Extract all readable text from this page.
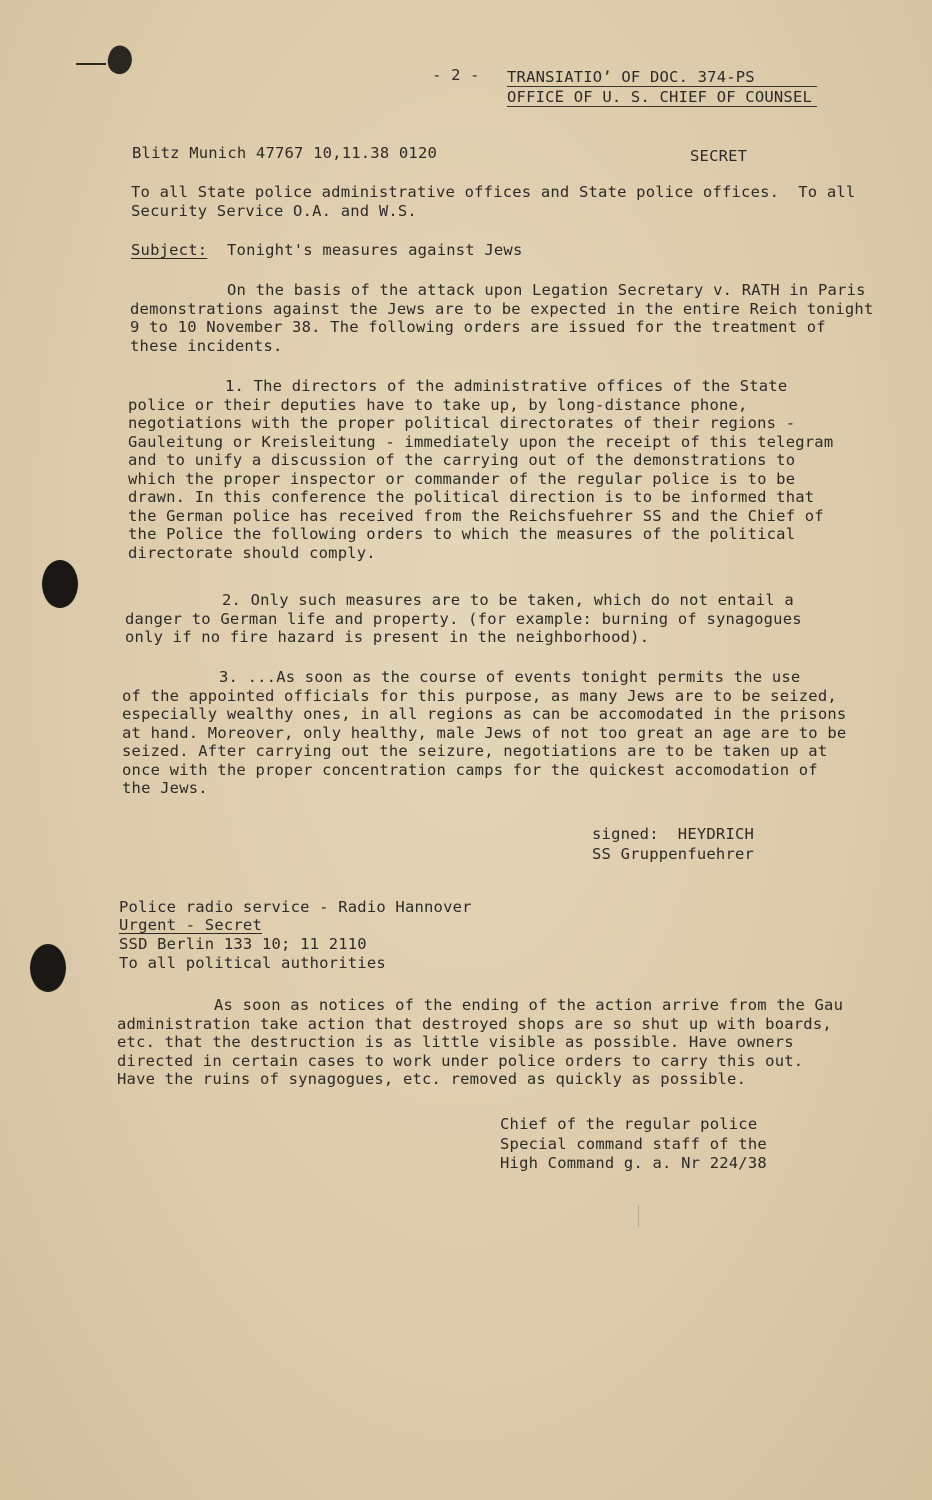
- 2 - TRANSIATIO’ OF DOC. 374-PS
OFFICΕ OF U. S. CHIEF OF COUNSEL
Blitz Munich 47767 10,11.38 0120	SECRET
To all State police administrative offices and State police offices.  To all
Security Service O.A. and W.S.
Subject: Tonight's measures against Jews
On the basis of the attack upon Legation Secretary v. RATH in Paris
demonstrations against the Jews are to be expected in the entire Reich tonight
9 to 10 November 38. The following orders are issued for the treatment of
these incidents.
1. The directors of the administrative offices of the State
police or their deputies have to take up, by long-distance phone,
negotiations with the proper political directorates of their regions -
Gauleitung or Kreisleitung - immediately upon the receipt of this telegram
and to unify a discussion of the carrying out of the demonstrations to
which the proper inspector or commander of the regular police is to be
drawn. In this conference the political direction is to be informed that
the German police has received from the Reichsfuehrer SS and the Chief of
the Police the following orders to which the measures of the political
directorate should comply.
2. Only such measures are to be taken, which do not entail a
danger to German life and property. (for example: burning of synagogues
only if no fire hazard is present in the neighborhood).
3. ...As soon as the course of events tonight permits the use
of the appointed officials for this purpose, as many Jews are to be seized,
especially wealthy ones, in all regions as can be accomodated in the prisons
at hand. Moreover, only healthy, male Jews of not too great an age are to be
seized. After carrying out the seizure, negotiations are to be taken up at
once with the proper concentration camps for the quickest accomodation of
the Jews.
signed:  HEYDRICH
SS Gruppenfuehrer
Police radio service - Radio Hannover
Urgent - Secret
SSD Berlin 133 10; 11 2110
To all political authorities
As soon as notices of the ending of the action arrive from the Gau
administration take action that destroyed shops are so shut up with boards,
etc. that the destruction is as little visible as possible. Have owners
directed in certain cases to work under police orders to carry this out.
Have the ruins of synagogues, etc. removed as quickly as possible.
Chief of the regular police
Special command staff of the
High Command g. a. Nr 224/38
